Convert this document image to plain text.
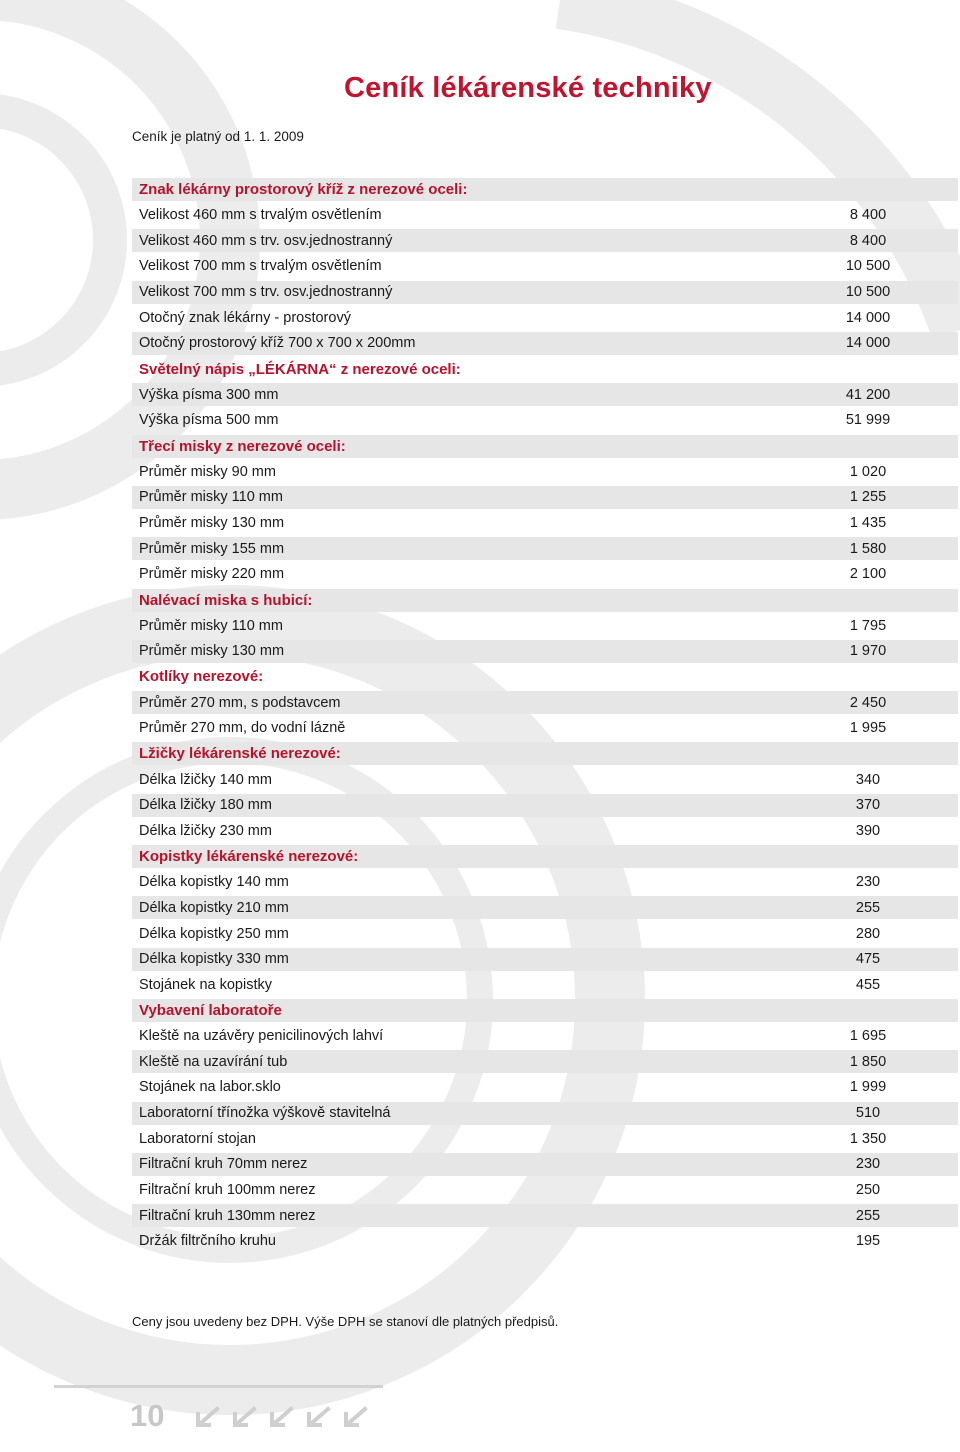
Ceník lékárenské techniky
Ceník je platný od 1. 1. 2009
Znak lékárny prostorový kříž z nerezové oceli:
Velikost 460 mm s trvalým osvětlením	8 400
Velikost 460 mm s trv. osv.jednostranný	8 400
Velikost 700 mm s trvalým osvětlením	10 500
Velikost 700 mm s trv. osv.jednostranný	10 500
Otočný znak lékárny - prostorový	14 000
Otočný prostorový kříž 700 x 700 x 200mm	14 000
Světelný nápis „LÉKÁRNA“ z nerezové oceli:
Výška písma 300 mm	41 200
Výška písma 500 mm	51 999
Třecí misky z nerezové oceli:
Průměr misky 90 mm	1 020
Průměr misky 110 mm	1 255
Průměr misky 130 mm	1 435
Průměr misky 155 mm	1 580
Průměr misky 220 mm	2 100
Nalévací miska s hubicí:
Průměr misky 110 mm	1 795
Průměr misky 130 mm	1 970
Kotlíky nerezové:
Průměr 270 mm, s podstavcem	2 450
Průměr 270 mm, do vodní lázně	1 995
Lžičky lékárenské nerezové:
Délka lžičky 140 mm	340
Délka lžičky 180 mm	370
Délka lžičky 230 mm	390
Kopistky lékárenské nerezové:
Délka kopistky 140 mm	230
Délka kopistky 210 mm	255
Délka kopistky 250 mm	280
Délka kopistky 330 mm	475
Stojánek na kopistky	455
Vybavení laboratoře
Kleště na uzávěry penicilinových lahví	1 695
Kleště na uzavírání tub	1 850
Stojánek na labor.sklo	1 999
Laboratorní třínožka výškově stavitelná	510
Laboratorní stojan	1 350
Filtrační kruh 70mm nerez	230
Filtrační kruh 100mm nerez	250
Filtrační kruh 130mm nerez	255
Držák filtrčního kruhu	195
Ceny jsou uvedeny bez DPH. Výše DPH se stanoví dle platných předpisů.
10
